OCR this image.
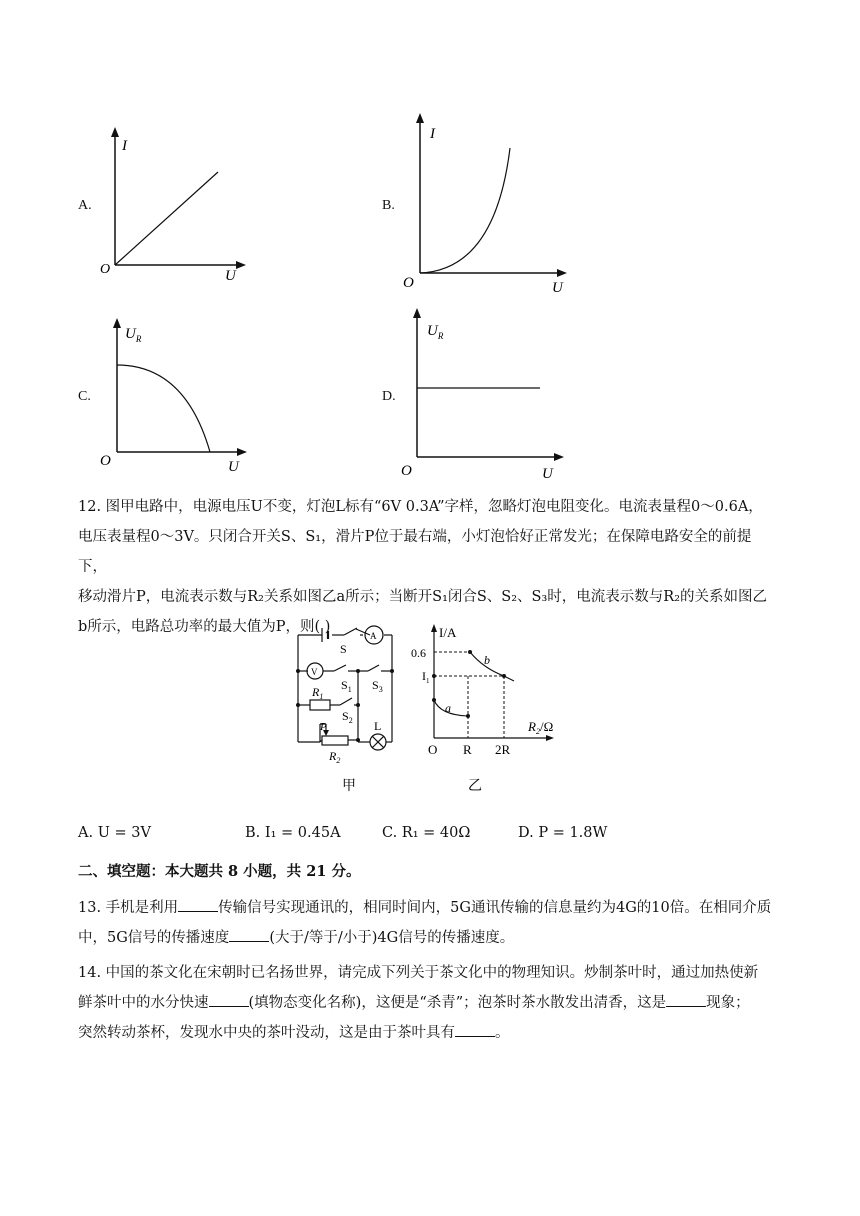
A.
I
O	U
B.
I
O	U
C.
$U_R$
O	U
D.
$U_R$
O	U
12. 图甲电路中，电源电压U不变，灯泡L标有“6V 0.3A”字样，忽略灯泡电阻变化。电流表量程0～0.6A，
电压表量程0～3V。只闭合开关S、S₁，滑片P位于最右端，小灯泡恰好正常发光；在保障电路安全的前提下，
移动滑片P，电流表示数与R₂关系如图乙a所示；当断开S₁闭合S、S₂、S₃时，电流表示数与R₂的关系如图乙
b所示，电路总功率的最大值为P，则( )
A
V
S
$S_1$ $S_3$
$R_1$
$S_2$
P	L
$R_2$
甲
I/A
0.6
$I_1$
a
b
O R 2R
$R_2/\Omega$
乙
A. U = 3V	B. I₁ = 0.45A	C. R₁ = 40Ω	D. P = 1.8W
二、填空题：本大题共 8 小题，共 21 分。
13. 手机是利用	传输信号实现通讯的，相同时间内，5G通讯传输的信息量约为4G的10倍。在相同介质
中，5G信号的传播速度	(大于/等于/小于)4G信号的传播速度。
14. 中国的茶文化在宋朝时已名扬世界，请完成下列关于茶文化中的物理知识。炒制茶叶时，通过加热使新
鲜茶叶中的水分快速	(填物态变化名称)，这便是“杀青”；泡茶时茶水散发出清香，这是	现象；
突然转动茶杯，发现水中央的茶叶没动，这是由于茶叶具有	。
